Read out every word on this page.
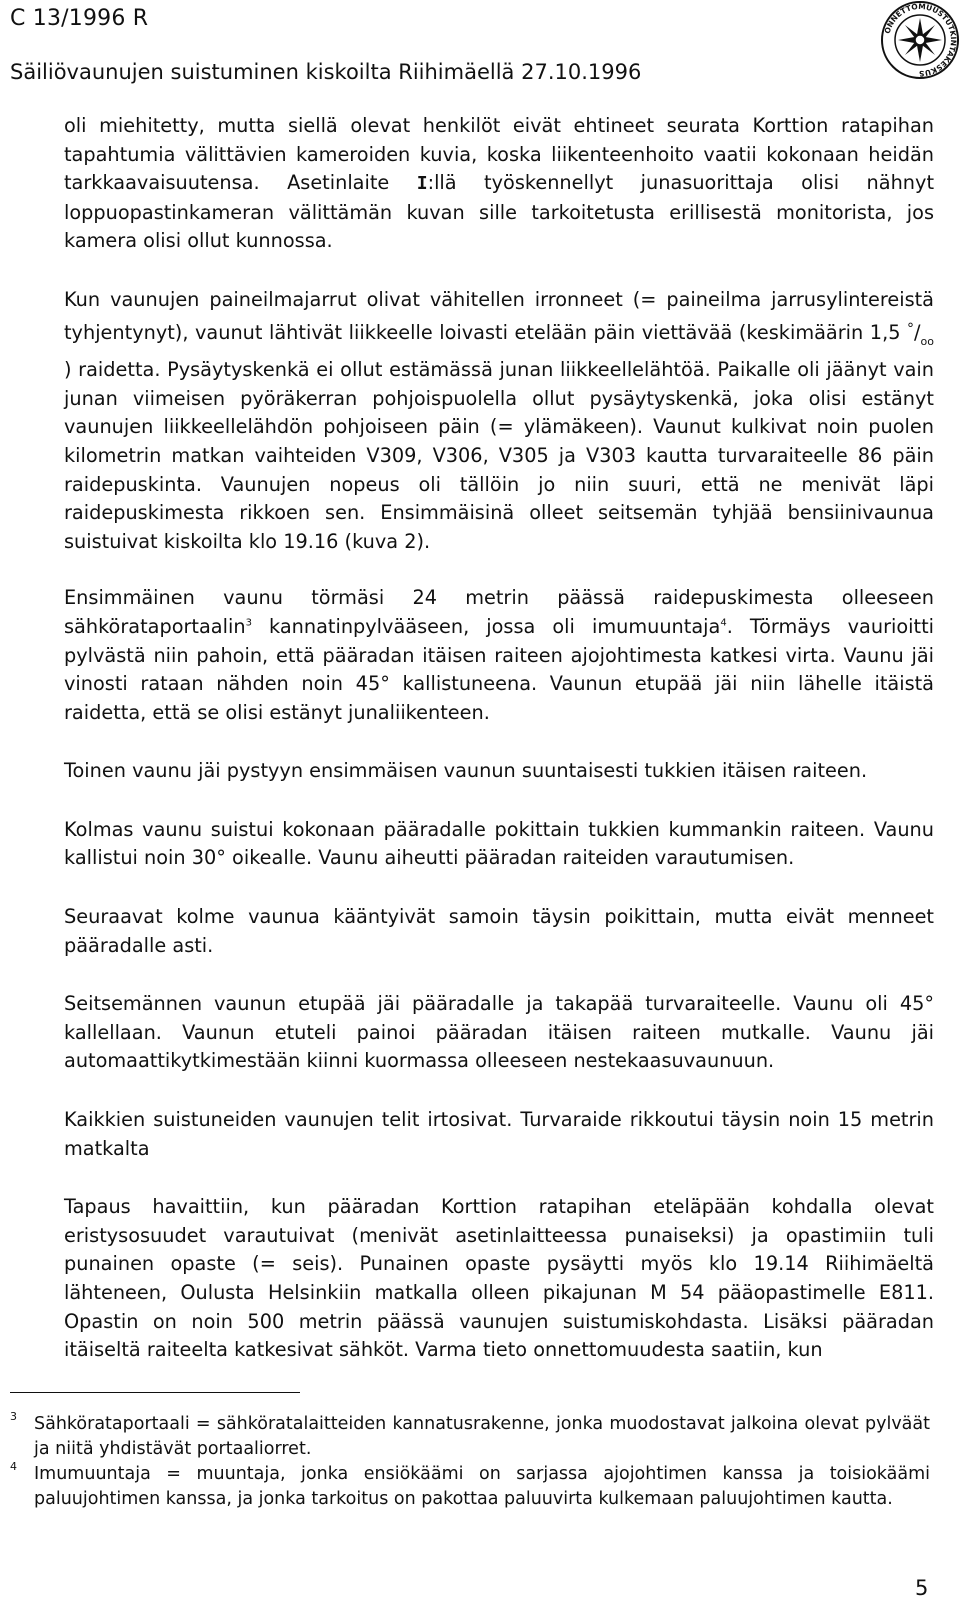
C 13/1996 R
Säiliövaunujen suistuminen kiskoilta Riihimäellä 27.10.1996
ONNETTOMUUSTUTKINTAKESKUS

oli miehitetty, mutta siellä olevat henkilöt eivät ehtineet seurata Korttion ratapihan tapahtumia välittävien kameroiden kuvia, koska liikenteenhoito vaatii kokonaan heidän tarkkaavaisuutensa. Asetinlaite I:llä työskennellyt junasuorittaja olisi nähnyt loppuopastinkameran välittämän kuvan sille tarkoitetusta erillisestä monitorista, jos kamera olisi ollut kunnossa.

Kun vaunujen paineilmajarrut olivat vähitellen irronneet (= paineilma jarrusylintereistä tyhjentynyt), vaunut lähtivät liikkeelle loivasti etelään päin viettävää (keskimäärin 1,5 $^\circ/_{oo}$) raidetta. Pysäytyskenkä ei ollut estämässä junan liikkeellelähtöä. Paikalle oli jäänyt vain junan viimeisen pyöräkerran pohjoispuolella ollut pysäytyskenkä, joka olisi estänyt vaunujen liikkeellelähdön pohjoiseen päin (= ylämäkeen). Vaunut kulkivat noin puolen kilometrin matkan vaihteiden V309, V306, V305 ja V303 kautta turvaraiteelle 86 päin raidepuskinta. Vaunujen nopeus oli tällöin jo niin suuri, että ne menivät läpi raidepuskimesta rikkoen sen. Ensimmäisinä olleet seitsemän tyhjää bensiinivaunua suistuivat kiskoilta klo 19.16 (kuva 2).

Ensimmäinen vaunu törmäsi 24 metrin päässä raidepuskimesta olleeseen sähkörataportaalin$^3$ kannatinpylvääseen, jossa oli imumuuntaja$^4$. Törmäys vaurioitti pylvästä niin pahoin, että pääradan itäisen raiteen ajojohtimesta katkesi virta. Vaunu jäi vinosti rataan nähden noin 45° kallistuneena. Vaunun etupää jäi niin lähelle itäistä raidetta, että se olisi estänyt junaliikenteen.

Toinen vaunu jäi pystyyn ensimmäisen vaunun suuntaisesti tukkien itäisen raiteen.

Kolmas vaunu suistui kokonaan pääradalle pokittain tukkien kummankin raiteen. Vaunu kallistui noin 30° oikealle. Vaunu aiheutti pääradan raiteiden varautumisen.

Seuraavat kolme vaunua kääntyivät samoin täysin poikittain, mutta eivät menneet pääradalle asti.

Seitsemännen vaunun etupää jäi pääradalle ja takapää turvaraiteelle. Vaunu oli 45° kallellaan. Vaunun etuteli painoi pääradan itäisen raiteen mutkalle. Vaunu jäi automaattikytkimestään kiinni kuormassa olleeseen nestekaasuvaunuun.

Kaikkien suistuneiden vaunujen telit irtosivat. Turvaraide rikkoutui täysin noin 15 metrin matkalta

Tapaus havaittiin, kun pääradan Korttion ratapihan eteläpään kohdalla olevat eristysosuudet varautuivat (menivät asetinlaitteessa punaiseksi) ja opastimiin tuli punainen opaste (= seis). Punainen opaste pysäytti myös klo 19.14 Riihimäeltä lähteneen, Oulusta Helsinkiin matkalla olleen pikajunan M 54 pääopastimelle E811. Opastin on noin 500 metrin päässä vaunujen suistumiskohdasta. Lisäksi pääradan itäiseltä raiteelta katkesivat sähköt. Varma tieto onnettomuudesta saatiin, kun

3 Sähkörataportaali = sähköratalaitteiden kannatusrakenne, jonka muodostavat jalkoina olevat pylväät ja niitä yhdistävät portaaliorret.
4 Imumuuntaja = muuntaja, jonka ensiökäämi on sarjassa ajojohtimen kanssa ja toisiokäämi paluujohtimen kanssa, ja jonka tarkoitus on pakottaa paluuvirta kulkemaan paluujohtimen kautta.
5
